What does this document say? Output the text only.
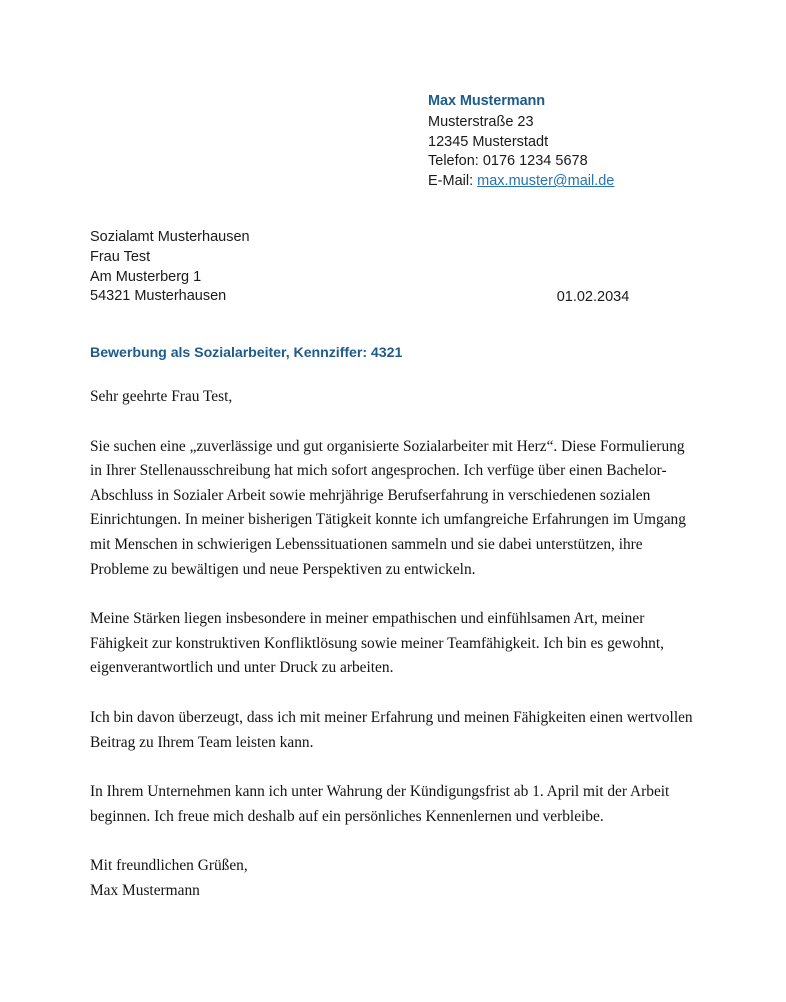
Max Mustermann
Musterstraße 23
12345 Musterstadt
Telefon: 0176 1234 5678
E-Mail: max.muster@mail.de
Sozialamt Musterhausen
Frau Test
Am Musterberg 1
54321 Musterhausen	01.02.2034
Bewerbung als Sozialarbeiter, Kennziffer: 4321

Sehr geehrte Frau Test,

Sie suchen eine „zuverlässige und gut organisierte Sozialarbeiter mit Herz“. Diese Formulierung in Ihrer Stellenausschreibung hat mich sofort angesprochen. Ich verfüge über einen Bachelor-Abschluss in Sozialer Arbeit sowie mehrjährige Berufserfahrung in verschiedenen sozialen Einrichtungen. In meiner bisherigen Tätigkeit konnte ich umfangreiche Erfahrungen im Umgang mit Menschen in schwierigen Lebenssituationen sammeln und sie dabei unterstützen, ihre Probleme zu bewältigen und neue Perspektiven zu entwickeln.

Meine Stärken liegen insbesondere in meiner empathischen und einfühlsamen Art, meiner Fähigkeit zur konstruktiven Konfliktlösung sowie meiner Teamfähigkeit. Ich bin es gewohnt, eigenverantwortlich und unter Druck zu arbeiten.

Ich bin davon überzeugt, dass ich mit meiner Erfahrung und meinen Fähigkeiten einen wertvollen Beitrag zu Ihrem Team leisten kann.

In Ihrem Unternehmen kann ich unter Wahrung der Kündigungsfrist ab 1. April mit der Arbeit beginnen. Ich freue mich deshalb auf ein persönliches Kennenlernen und verbleibe.

Mit freundlichen Grüßen,
Max Mustermann
